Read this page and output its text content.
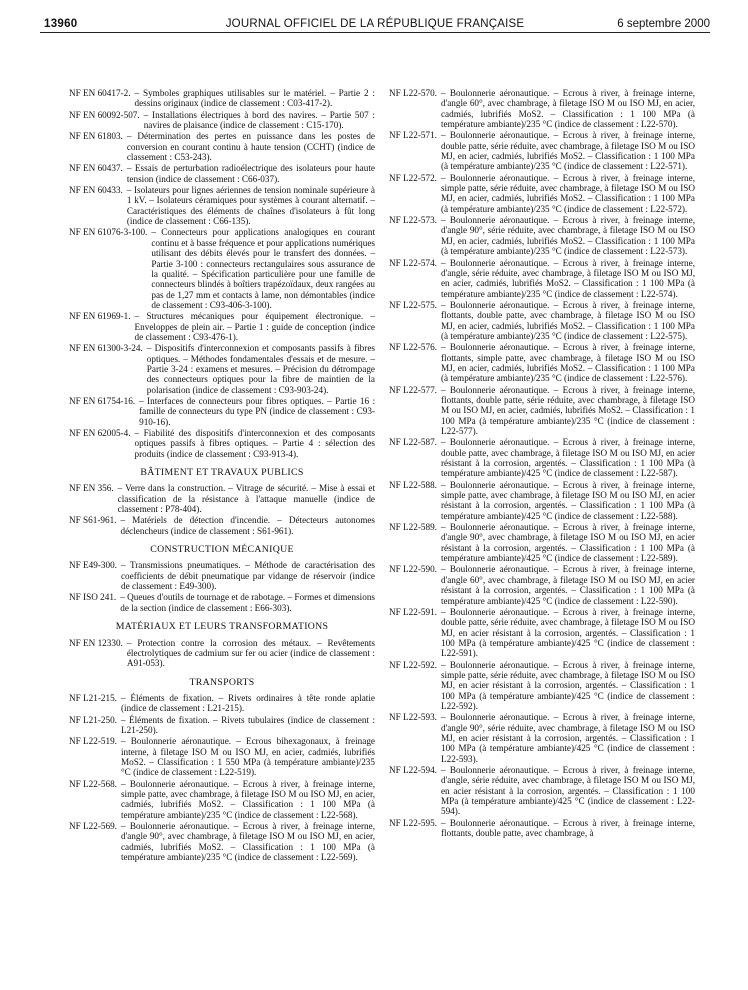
13960	JOURNAL OFFICIEL DE LA RÉPUBLIQUE FRANÇAISE	6 septembre 2000
NF EN 60417-2. – Symboles graphiques utilisables sur le matériel. – Partie 2 : dessins originaux (indice de classement : C03-417-2).
NF EN 60092-507. – Installations électriques à bord des navires. – Partie 507 : navires de plaisance (indice de classement : C15-170).
NF EN 61803. – Détermination des pertes en puissance dans les postes de conversion en courant continu à haute tension (CCHT) (indice de classement : C53-243).
NF EN 60437. – Essais de perturbation radioélectrique des isolateurs pour haute tension (indice de classement : C66-037).
NF EN 60433. – Isolateurs pour lignes aériennes de tension nominale supérieure à 1 kV. – Isolateurs céramiques pour systèmes à courant alternatif. – Caractéristiques des éléments de chaînes d'isolateurs à fût long (indice de classement : C66-135).
NF EN 61076-3-100. – Connecteurs pour applications analogiques en courant continu et à basse fréquence et pour applications numériques utilisant des débits élevés pour le transfert des données. – Partie 3-100 : connecteurs rectangulaires sous assurance de la qualité. – Spécification particulière pour une famille de connecteurs blindés à boîtiers trapézoïdaux, deux rangées au pas de 1,27 mm et contacts à lame, non démontables (indice de classement : C93-406-3-100).
NF EN 61969-1. – Structures mécaniques pour équipement électronique. – Enveloppes de plein air. – Partie 1 : guide de conception (indice de classement : C93-476-1).
NF EN 61300-3-24. – Dispositifs d'interconnexion et composants passifs à fibres optiques. – Méthodes fondamentales d'essais et de mesure. – Partie 3-24 : examens et mesures. – Précision du détrompage des connecteurs optiques pour la fibre de maintien de la polarisation (indice de classement : C93-903-24).
NF EN 61754-16. – Interfaces de connecteurs pour fibres optiques. – Partie 16 : famille de connecteurs du type PN (indice de classement : C93-910-16).
NF EN 62005-4. – Fiabilité des dispositifs d'interconnexion et des composants optiques passifs à fibres optiques. – Partie 4 : sélection des produits (indice de classement : C93-913-4).
BÂTIMENT ET TRAVAUX PUBLICS
NF EN 356. – Verre dans la construction. – Vitrage de sécurité. – Mise à essai et classification de la résistance à l'attaque manuelle (indice de classement : P78-404).
NF S61-961. – Matériels de détection d'incendie. – Détecteurs autonomes déclencheurs (indice de classement : S61-961).
CONSTRUCTION MÉCANIQUE
NF E49-300. – Transmissions pneumatiques. – Méthode de caractérisation des coefficients de débit pneumatique par vidange de réservoir (indice de classement : E49-300).
NF ISO 241. – Queues d'outils de tournage et de rabotage. – Formes et dimensions de la section (indice de classement : E66-303).
MATÉRIAUX ET LEURS TRANSFORMATIONS
NF EN 12330. – Protection contre la corrosion des métaux. – Revêtements électrolytiques de cadmium sur fer ou acier (indice de classement : A91-053).
TRANSPORTS
NF L21-215. – Éléments de fixation. – Rivets ordinaires à tête ronde aplatie (indice de classement : L21-215).
NF L21-250. – Éléments de fixation. – Rivets tubulaires (indice de classement : L21-250).
NF L22-519. – Boulonnerie aéronautique. – Ecrous bihexagonaux, à freinage interne, à filetage ISO M ou ISO MJ, en acier, cadmiés, lubrifiés MoS2. – Classification : 1 550 MPa (à température ambiante)/235 °C (indice de classement : L22-519).
NF L22-568. – Boulonnerie aéronautique. – Ecrous à river, à freinage interne, simple patte, avec chambrage, à filetage ISO M ou ISO MJ, en acier, cadmiés, lubrifiés MoS2. – Classification : 1 100 MPa (à température ambiante)/235 °C (indice de classement : L22-568).
NF L22-569. – Boulonnerie aéronautique. – Ecrous à river, à freinage interne, d'angle 90°, avec chambrage, à filetage ISO M ou ISO MJ, en acier, cadmiés, lubrifiés MoS2. – Classification : 1 100 MPa (à température ambiante)/235 °C (indice de classement : L22-569).
NF L22-570. – Boulonnerie aéronautique. – Ecrous à river, à freinage interne, d'angle 60°, avec chambrage, à filetage ISO M ou ISO MJ, en acier, cadmiés, lubrifiés MoS2. – Classification : 1 100 MPa (à température ambiante)/235 °C (indice de classement : L22-570).
NF L22-571. – Boulonnerie aéronautique. – Ecrous à river, à freinage interne, double patte, série réduite, avec chambrage, à filetage ISO M ou ISO MJ, en acier, cadmiés, lubrifiés MoS2. – Classification : 1 100 MPa (à température ambiante)/235 °C (indice de classement : L22-571).
NF L22-572. – Boulonnerie aéronautique. – Ecrous à river, à freinage interne, simple patte, série réduite, avec chambrage, à filetage ISO M ou ISO MJ, en acier, cadmiés, lubrifiés MoS2. – Classification : 1 100 MPa (à température ambiante)/235 °C (indice de classement : L22-572).
NF L22-573. – Boulonnerie aéronautique. – Ecrous à river, à freinage interne, d'angle 90°, série réduite, avec chambrage, à filetage ISO M ou ISO MJ, en acier, cadmiés, lubrifiés MoS2. – Classification : 1 100 MPa (à température ambiante)/235 °C (indice de classement : L22-573).
NF L22-574. – Boulonnerie aéronautique. – Ecrous à river, à freinage interne, d'angle, série réduite, avec chambrage, à filetage ISO M ou ISO MJ, en acier, cadmiés, lubrifiés MoS2. – Classification : 1 100 MPa (à température ambiante)/235 °C (indice de classement : L22-574).
NF L22-575. – Boulonnerie aéronautique. – Ecrous à river, à freinage interne, flottants, double patte, avec chambrage, à filetage ISO M ou ISO MJ, en acier, cadmiés, lubrifiés MoS2. – Classification : 1 100 MPa (à température ambiante)/235 °C (indice de classement : L22-575).
NF L22-576. – Boulonnerie aéronautique. – Ecrous à river, à freinage interne, flottants, simple patte, avec chambrage, à filetage ISO M ou ISO MJ, en acier, cadmiés, lubrifiés MoS2. – Classification : 1 100 MPa (à température ambiante)/235 °C (indice de classement : L22-576).
NF L22-577. – Boulonnerie aéronautique. – Ecrous à river, à freinage interne, flottants, double patte, série réduite, avec chambrage, à filetage ISO M ou ISO MJ, en acier, cadmiés, lubrifiés MoS2. – Classification : 1 100 MPa (à température ambiante)/235 °C (indice de classement : L22-577).
NF L22-587. – Boulonnerie aéronautique. – Ecrous à river, à freinage interne, double patte, avec chambrage, à filetage ISO M ou ISO MJ, en acier résistant à la corrosion, argentés. – Classification : 1 100 MPa (à température ambiante)/425 °C (indice de classement : L22-587).
NF L22-588. – Boulonnerie aéronautique. – Ecrous à river, à freinage interne, simple patte, avec chambrage, à filetage ISO M ou ISO MJ, en acier résistant à la corrosion, argentés. – Classification : 1 100 MPa (à température ambiante)/425 °C (indice de classement : L22-588).
NF L22-589. – Boulonnerie aéronautique. – Ecrous à river, à freinage interne, d'angle 90°, avec chambrage, à filetage ISO M ou ISO MJ, en acier résistant à la corrosion, argentés. – Classification : 1 100 MPa (à température ambiante)/425 °C (indice de classement : L22-589).
NF L22-590. – Boulonnerie aéronautique. – Ecrous à river, à freinage interne, d'angle 60°, avec chambrage, à filetage ISO M ou ISO MJ, en acier résistant à la corrosion, argentés. – Classification : 1 100 MPa (à température ambiante)/425 °C (indice de classement : L22-590).
NF L22-591. – Boulonnerie aéronautique. – Ecrous à river, à freinage interne, double patte, série réduite, avec chambrage, à filetage ISO M ou ISO MJ, en acier résistant à la corrosion, argentés. – Classification : 1 100 MPa (à température ambiante)/425 °C (indice de classement : L22-591).
NF L22-592. – Boulonnerie aéronautique. – Ecrous à river, à freinage interne, simple patte, série réduite, avec chambrage, à filetage ISO M ou ISO MJ, en acier résistant à la corrosion, argentés. – Classification : 1 100 MPa (à température ambiante)/425 °C (indice de classement : L22-592).
NF L22-593. – Boulonnerie aéronautique. – Ecrous à river, à freinage interne, d'angle 90°, série réduite, avec chambrage, à filetage ISO M ou ISO MJ, en acier résistant à la corrosion, argentés. – Classification : 1 100 MPa (à température ambiante)/425 °C (indice de classement : L22-593).
NF L22-594. – Boulonnerie aéronautique. – Ecrous à river, à freinage interne, d'angle, série réduite, avec chambrage, à filetage ISO M ou ISO MJ, en acier résistant à la corrosion, argentés. – Classification : 1 100 MPa (à température ambiante)/425 °C (indice de classement : L22-594).
NF L22-595. – Boulonnerie aéronautique. – Ecrous à river, à freinage interne, flottants, double patte, avec chambrage, à
